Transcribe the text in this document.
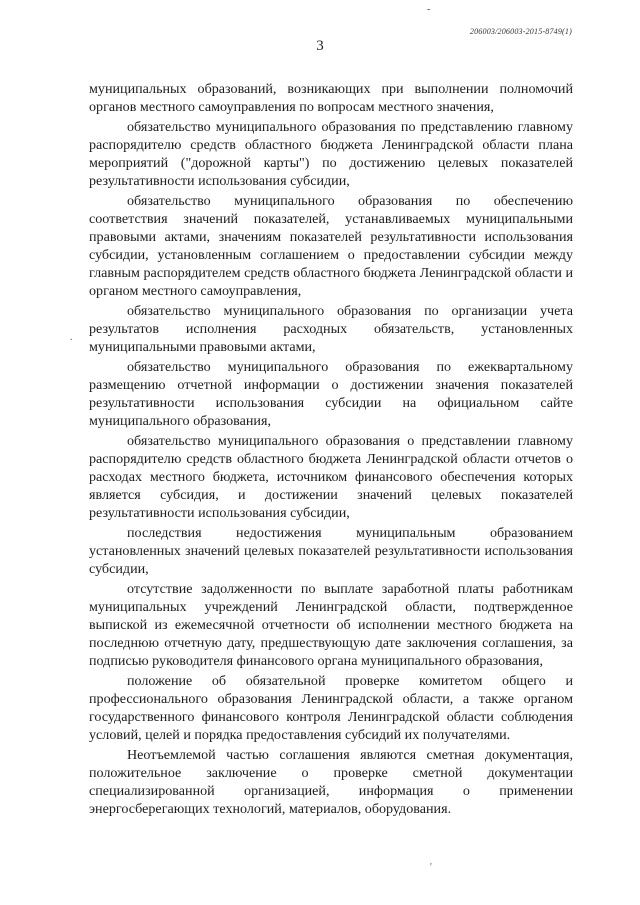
206003/206003-2015-8749(1)
3
-
.
'

муниципальных образований, возникающих при выполнении полномочий органов местного самоуправления по вопросам местного значения,

обязательство муниципального образования по представлению главному распорядителю средств областного бюджета Ленинградской области плана мероприятий ("дорожной карты") по достижению целевых показателей результативности использования субсидии,

обязательство муниципального образования по обеспечению соответствия значений показателей, устанавливаемых муниципальными правовыми актами, значениям показателей результативности использования субсидии, установленным соглашением о предоставлении субсидии между главным распорядителем средств областного бюджета Ленинградской области и органом местного самоуправления,

обязательство муниципального образования по организации учета результатов исполнения расходных обязательств, установленных муниципальными правовыми актами,

обязательство муниципального образования по ежеквартальному размещению отчетной информации о достижении значения показателей результативности использования субсидии на официальном сайте муниципального образования,

обязательство муниципального образования о представлении главному распорядителю средств областного бюджета Ленинградской области отчетов о расходах местного бюджета, источником финансового обеспечения которых является субсидия, и достижении значений целевых показателей результативности использования субсидии,

последствия недостижения муниципальным образованием установленных значений целевых показателей результативности использования субсидии,

отсутствие задолженности по выплате заработной платы работникам муниципальных учреждений Ленинградской области, подтвержденное выпиской из ежемесячной отчетности об исполнении местного бюджета на последнюю отчетную дату, предшествующую дате заключения соглашения, за подписью руководителя финансового органа муниципального образования,

положение об обязательной проверке комитетом общего и профессионального образования Ленинградской области, а также органом государственного финансового контроля Ленинградской области соблюдения условий, целей и порядка предоставления субсидий их получателями.

Неотъемлемой частью соглашения являются сметная документация, положительное заключение о проверке сметной документации специализированной организацией, информация о применении энергосберегающих технологий, материалов, оборудования.
